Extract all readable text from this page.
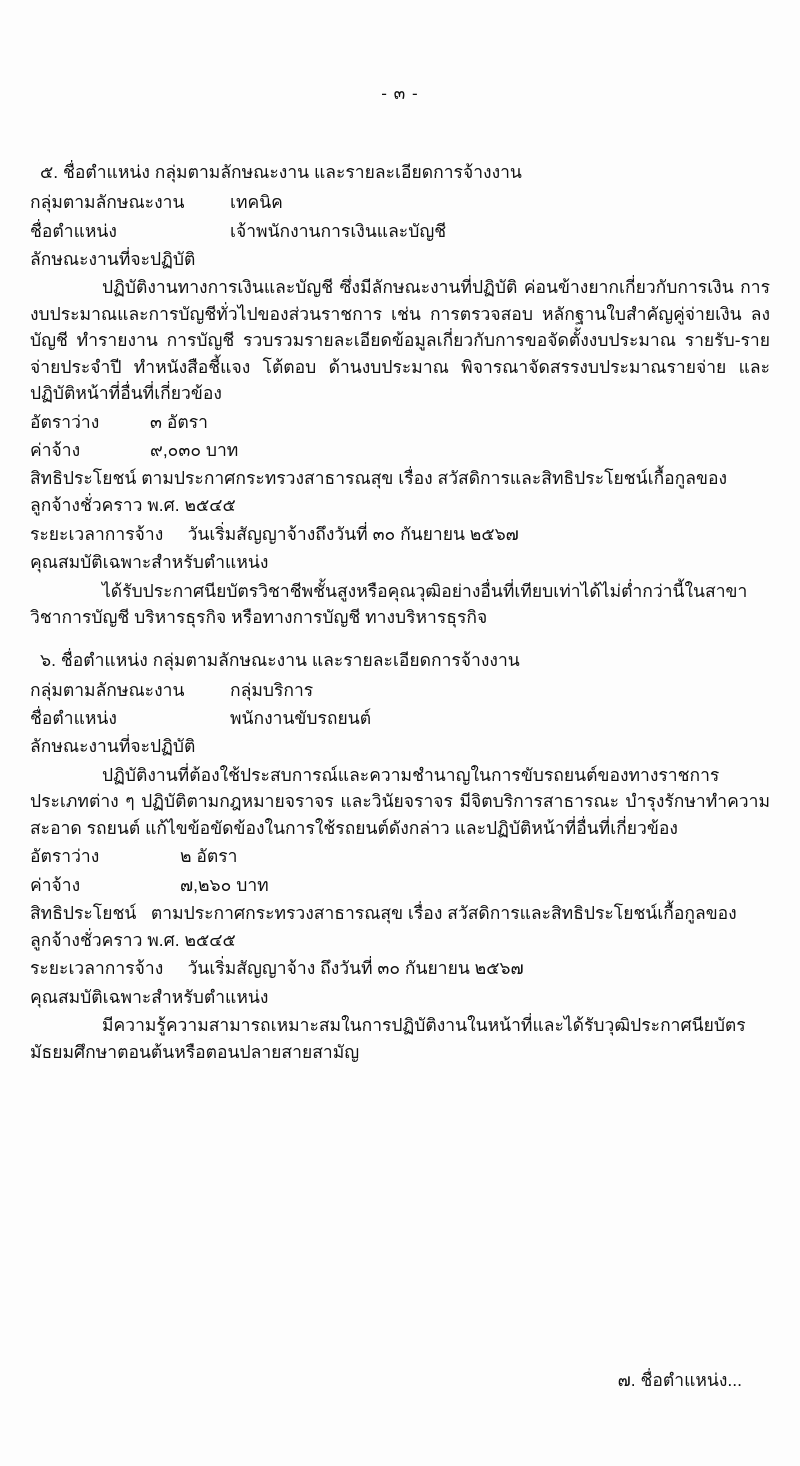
- ๓ -
๕. ชื่อตำแหน่ง กลุ่มตามลักษณะงาน และรายละเอียดการจ้างงาน
กลุ่มตามลักษณะงาน	เทคนิค
ชื่อตำแหน่ง	เจ้าพนักงานการเงินและบัญชี
ลักษณะงานที่จะปฏิบัติ
ปฏิบัติงานทางการเงินและบัญชี ซึ่งมีลักษณะงานที่ปฏิบัติ ค่อนข้างยากเกี่ยวกับการเงิน การงบประมาณและการบัญชีทั่วไปของส่วนราชการ เช่น การตรวจสอบ หลักฐานใบสำคัญคู่จ่ายเงิน ลงบัญชี ทำรายงาน การบัญชี รวบรวมรายละเอียดข้อมูลเกี่ยวกับการขอจัดตั้งงบประมาณ รายรับ-รายจ่ายประจำปี ทำหนังสือชี้แจง โต้ตอบ ด้านงบประมาณ พิจารณาจัดสรรงบประมาณรายจ่าย และปฏิบัติหน้าที่อื่นที่เกี่ยวข้อง
อัตราว่าง	๓ อัตรา
ค่าจ้าง	๙,๐๓๐ บาท
สิทธิประโยชน์ ตามประกาศกระทรวงสาธารณสุข เรื่อง สวัสดิการและสิทธิประโยชน์เกื้อกูลของลูกจ้างชั่วคราว พ.ศ. ๒๕๔๕
ระยะเวลาการจ้าง วันเริ่มสัญญาจ้างถึงวันที่ ๓๐ กันยายน ๒๕๖๗
คุณสมบัติเฉพาะสำหรับตำแหน่ง
ได้รับประกาศนียบัตรวิชาชีพชั้นสูงหรือคุณวุฒิอย่างอื่นที่เทียบเท่าได้ไม่ต่ำกว่านี้ในสาขาวิชาการบัญชี บริหารธุรกิจ หรือทางการบัญชี ทางบริหารธุรกิจ
๖. ชื่อตำแหน่ง กลุ่มตามลักษณะงาน และรายละเอียดการจ้างงาน
กลุ่มตามลักษณะงาน	กลุ่มบริการ
ชื่อตำแหน่ง	พนักงานขับรถยนต์
ลักษณะงานที่จะปฏิบัติ
ปฏิบัติงานที่ต้องใช้ประสบการณ์และความชำนาญในการขับรถยนต์ของทางราชการประเภทต่าง ๆ ปฏิบัติตามกฎหมายจราจร และวินัยจราจร มีจิตบริการสาธารณะ บำรุงรักษาทำความสะอาด รถยนต์ แก้ไขข้อขัดข้องในการใช้รถยนต์ดังกล่าว และปฏิบัติหน้าที่อื่นที่เกี่ยวข้อง
อัตราว่าง	๒ อัตรา
ค่าจ้าง	๗,๒๖๐ บาท
สิทธิประโยชน์ ตามประกาศกระทรวงสาธารณสุข เรื่อง สวัสดิการและสิทธิประโยชน์เกื้อกูลของลูกจ้างชั่วคราว พ.ศ. ๒๕๔๕
ระยะเวลาการจ้าง วันเริ่มสัญญาจ้าง ถึงวันที่ ๓๐ กันยายน ๒๕๖๗
คุณสมบัติเฉพาะสำหรับตำแหน่ง
มีความรู้ความสามารถเหมาะสมในการปฏิบัติงานในหน้าที่และได้รับวุฒิประกาศนียบัตรมัธยมศึกษาตอนต้นหรือตอนปลายสายสามัญ
๗. ชื่อตำแหน่ง...
